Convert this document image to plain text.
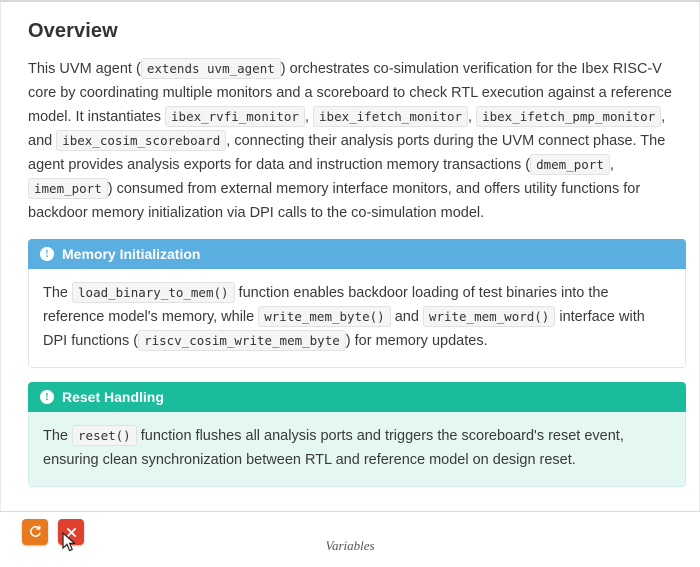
Overview

This UVM agent ( extends uvm_agent ) orchestrates co-simulation verification for the Ibex RISC-V core by coordinating multiple monitors and a scoreboard to check RTL execution against a reference model. It instantiates ibex_rvfi_monitor , ibex_ifetch_monitor , ibex_ifetch_pmp_monitor , and ibex_cosim_scoreboard , connecting their analysis ports during the UVM connect phase. The agent provides analysis exports for data and instruction memory transactions ( dmem_port , imem_port ) consumed from external memory interface monitors, and offers utility functions for backdoor memory initialization via DPI calls to the co-simulation model.

! Memory Initialization
The load_binary_to_mem() function enables backdoor loading of test binaries into the reference model's memory, while write_mem_byte() and write_mem_word() interface with DPI functions ( riscv_cosim_write_mem_byte ) for memory updates.
! Reset Handling
The reset() function flushes all analysis ports and triggers the scoreboard's reset event, ensuring clean synchronization between RTL and reference model on design reset.
Variables
